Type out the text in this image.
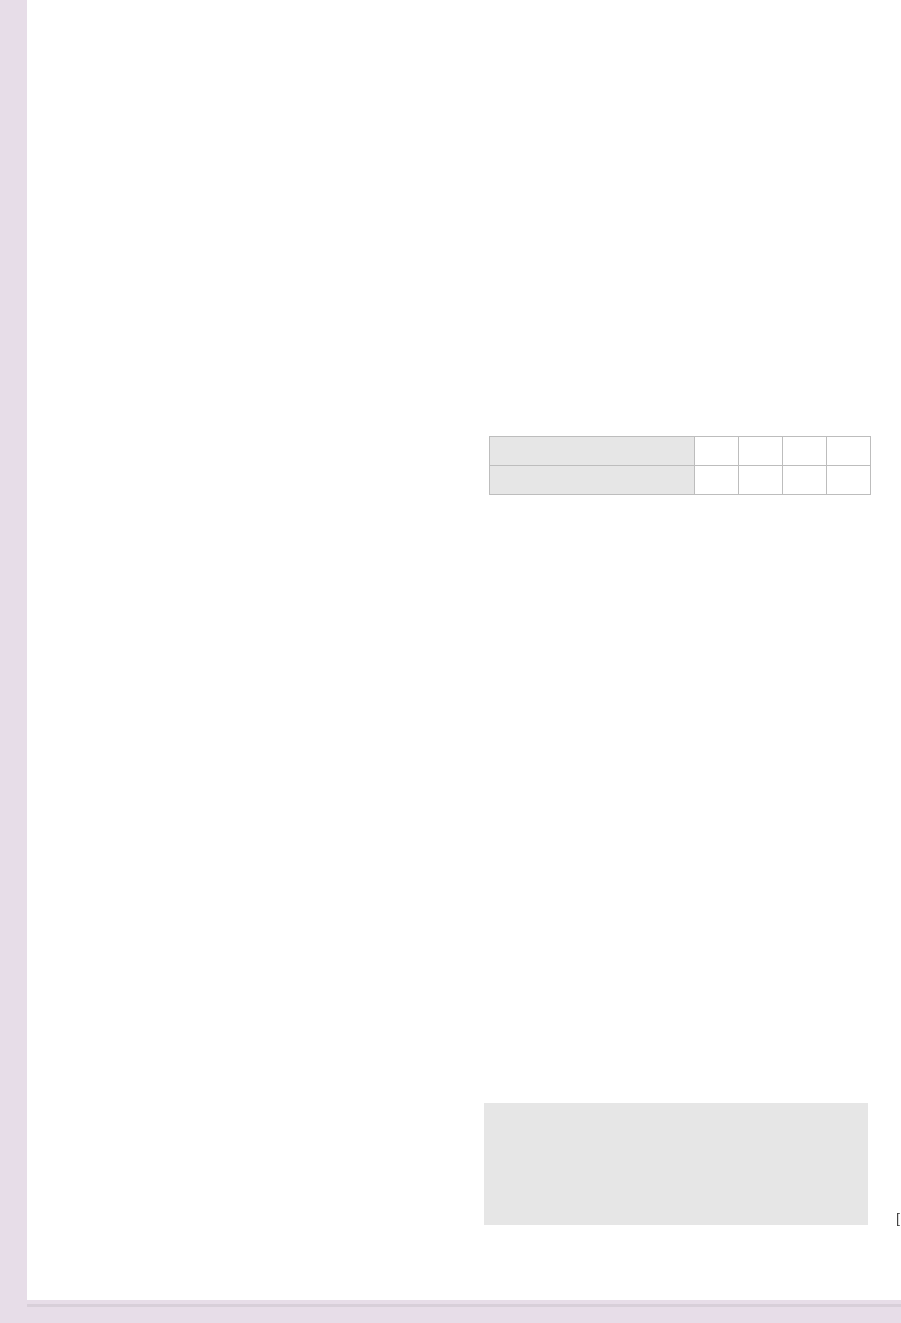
[
